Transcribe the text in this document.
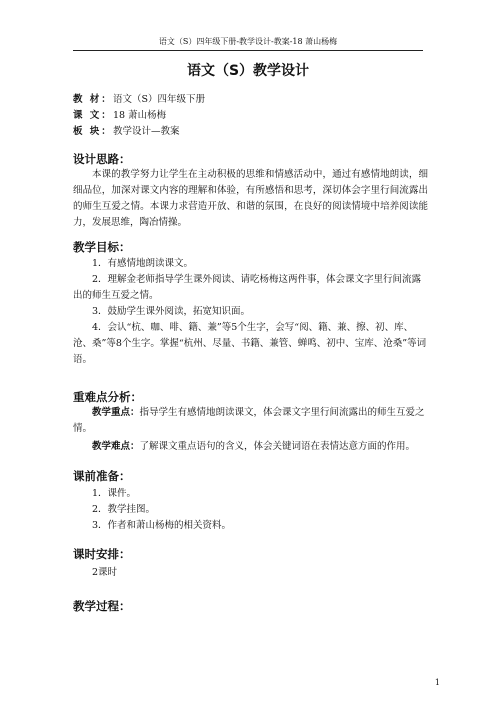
语文（S）四年级下册-教学设计-教案-18 萧山杨梅
语文（S）教学设计
教 材：语文（S）四年级下册
课 文：18 萧山杨梅
板 块：教学设计—教案
设计思路：
本课的教学努力让学生在主动积极的思维和情感活动中，通过有感情地朗读，细细品位，加深对课文内容的理解和体验，有所感悟和思考，深切体会字里行间流露出的师生互爱之情。本课力求营造开放、和谐的氛围，在良好的阅读情境中培养阅读能力，发展思维，陶冶情操。
教学目标：
1．有感情地朗读课文。
2．理解金老师指导学生课外阅读、请吃杨梅这两件事，体会课文字里行间流露出的师生互爱之情。
3．鼓励学生课外阅读，拓宽知识面。
4．会认“杭、咖、啡、籍、兼”等5个生字，会写“阅、籍、兼、擦、初、库、沧、桑”等8个生字。掌握“杭州、尽量、书籍、兼管、蝉鸣、初中、宝库、沧桑”等词语。
重难点分析：
教学重点：指导学生有感情地朗读课文，体会课文字里行间流露出的师生互爱之情。
教学难点：了解课文重点语句的含义，体会关键词语在表情达意方面的作用。
课前准备：
1．课件。
2．教学挂图。
3．作者和萧山杨梅的相关资料。
课时安排：
2课时
教学过程：
1
